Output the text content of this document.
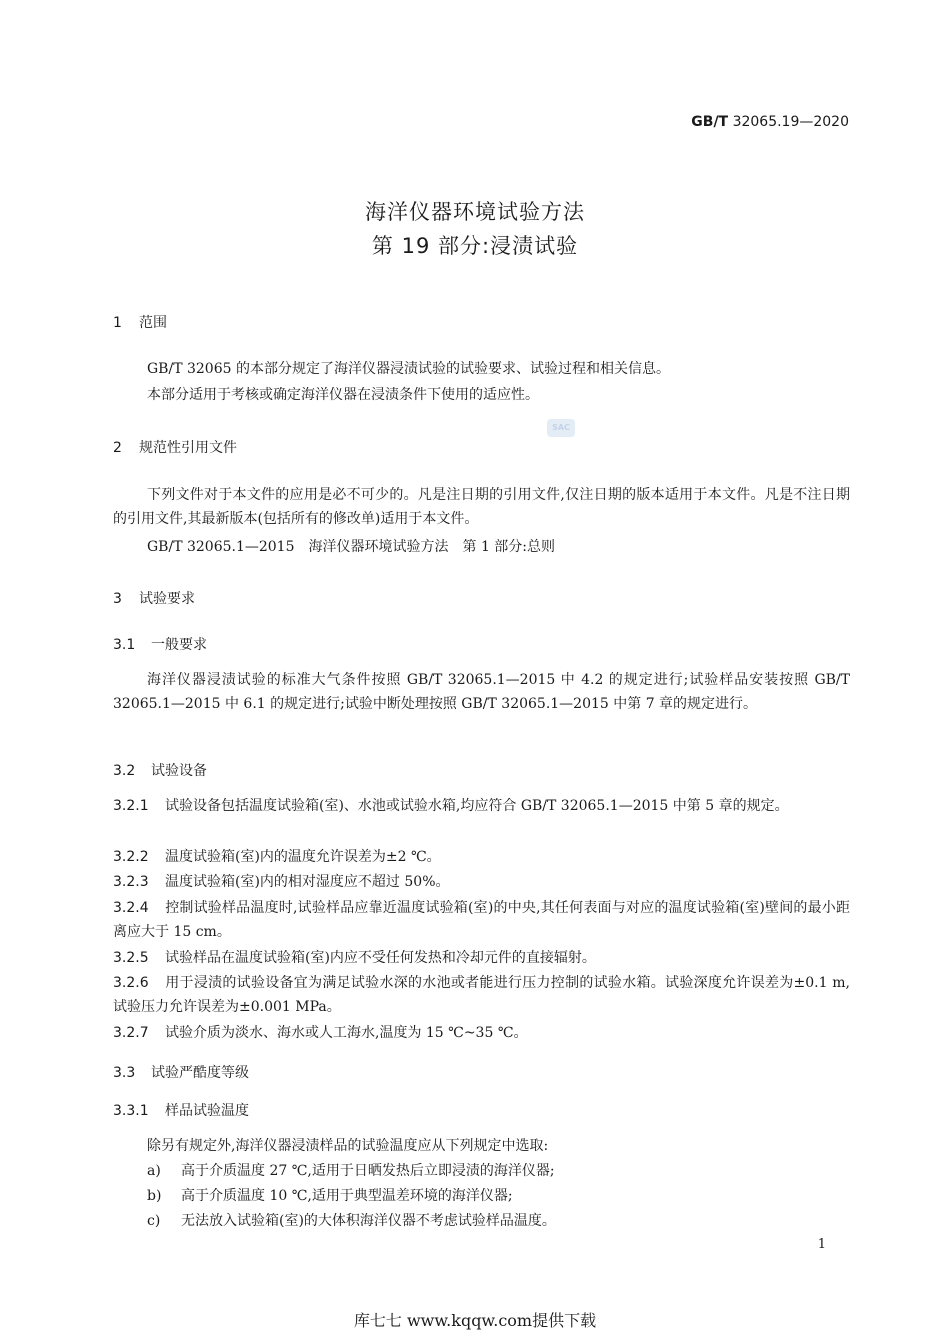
GB/T 32065.19—2020
海洋仪器环境试验方法
第 19 部分:浸渍试验
1 范围
GB/T 32065 的本部分规定了海洋仪器浸渍试验的试验要求、试验过程和相关信息。
本部分适用于考核或确定海洋仪器在浸渍条件下使用的适应性。
SAC
2 规范性引用文件
下列文件对于本文件的应用是必不可少的。凡是注日期的引用文件,仅注日期的版本适用于本文件。凡是不注日期的引用文件,其最新版本(包括所有的修改单)适用于本文件。
GB/T 32065.1—2015　海洋仪器环境试验方法　第 1 部分:总则
3 试验要求
3.1 一般要求
海洋仪器浸渍试验的标准大气条件按照 GB/T 32065.1—2015 中 4.2 的规定进行;试验样品安装按照 GB/T 32065.1—2015 中 6.1 的规定进行;试验中断处理按照 GB/T 32065.1—2015 中第 7 章的规定进行。
3.2 试验设备
3.2.1 试验设备包括温度试验箱(室)、水池或试验水箱,均应符合 GB/T 32065.1—2015 中第 5 章的规定。
3.2.2 温度试验箱(室)内的温度允许误差为±2 ℃。
3.2.3 温度试验箱(室)内的相对湿度应不超过 50%。
3.2.4 控制试验样品温度时,试验样品应靠近温度试验箱(室)的中央,其任何表面与对应的温度试验箱(室)壁间的最小距离应大于 15 cm。
3.2.5 试验样品在温度试验箱(室)内应不受任何发热和冷却元件的直接辐射。
3.2.6 用于浸渍的试验设备宜为满足试验水深的水池或者能进行压力控制的试验水箱。试验深度允许误差为±0.1 m,试验压力允许误差为±0.001 MPa。
3.2.7 试验介质为淡水、海水或人工海水,温度为 15 ℃~35 ℃。
3.3 试验严酷度等级
3.3.1 样品试验温度
除另有规定外,海洋仪器浸渍样品的试验温度应从下列规定中选取:
a) 高于介质温度 27 ℃,适用于日晒发热后立即浸渍的海洋仪器;
b) 高于介质温度 10 ℃,适用于典型温差环境的海洋仪器;
c) 无法放入试验箱(室)的大体积海洋仪器不考虑试验样品温度。
1
库七七 www.kqqw.com提供下载
